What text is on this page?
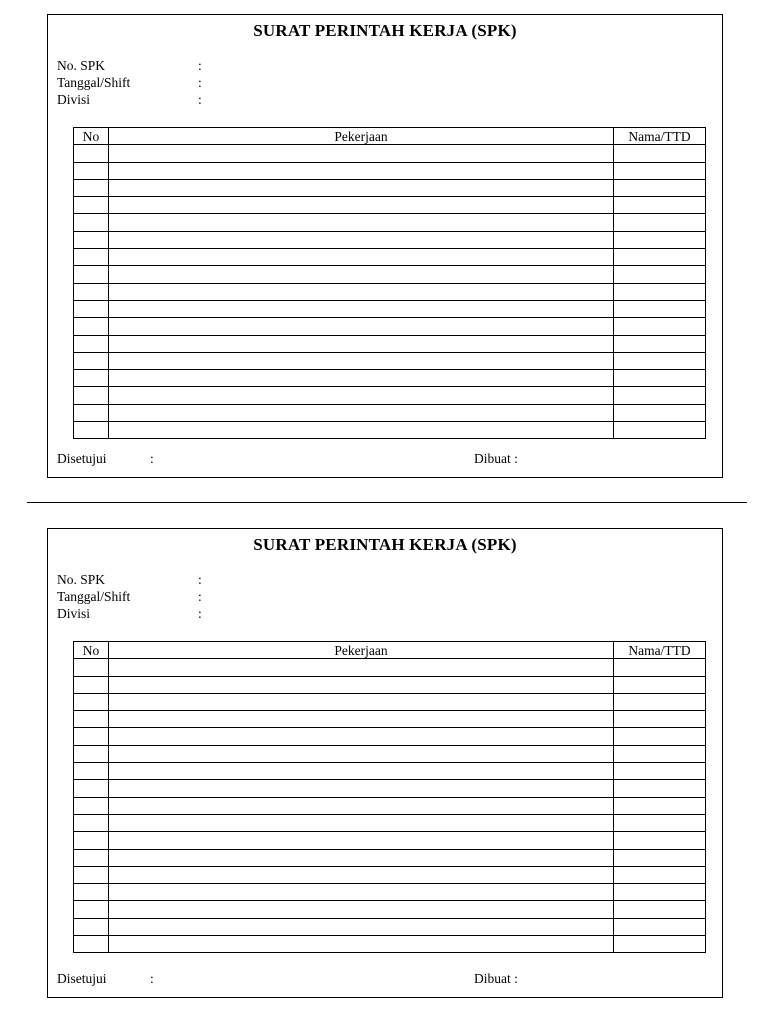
SURAT PERINTAH KERJA (SPK)
No. SPK	:
Tanggal/Shift	:
Divisi	:
No	Pekerjaan	Nama/TTD

Disetujui	:	Dibuat :
SURAT PERINTAH KERJA (SPK)
No. SPK	:
Tanggal/Shift	:
Divisi	:
No	Pekerjaan	Nama/TTD

Disetujui	:	Dibuat :
